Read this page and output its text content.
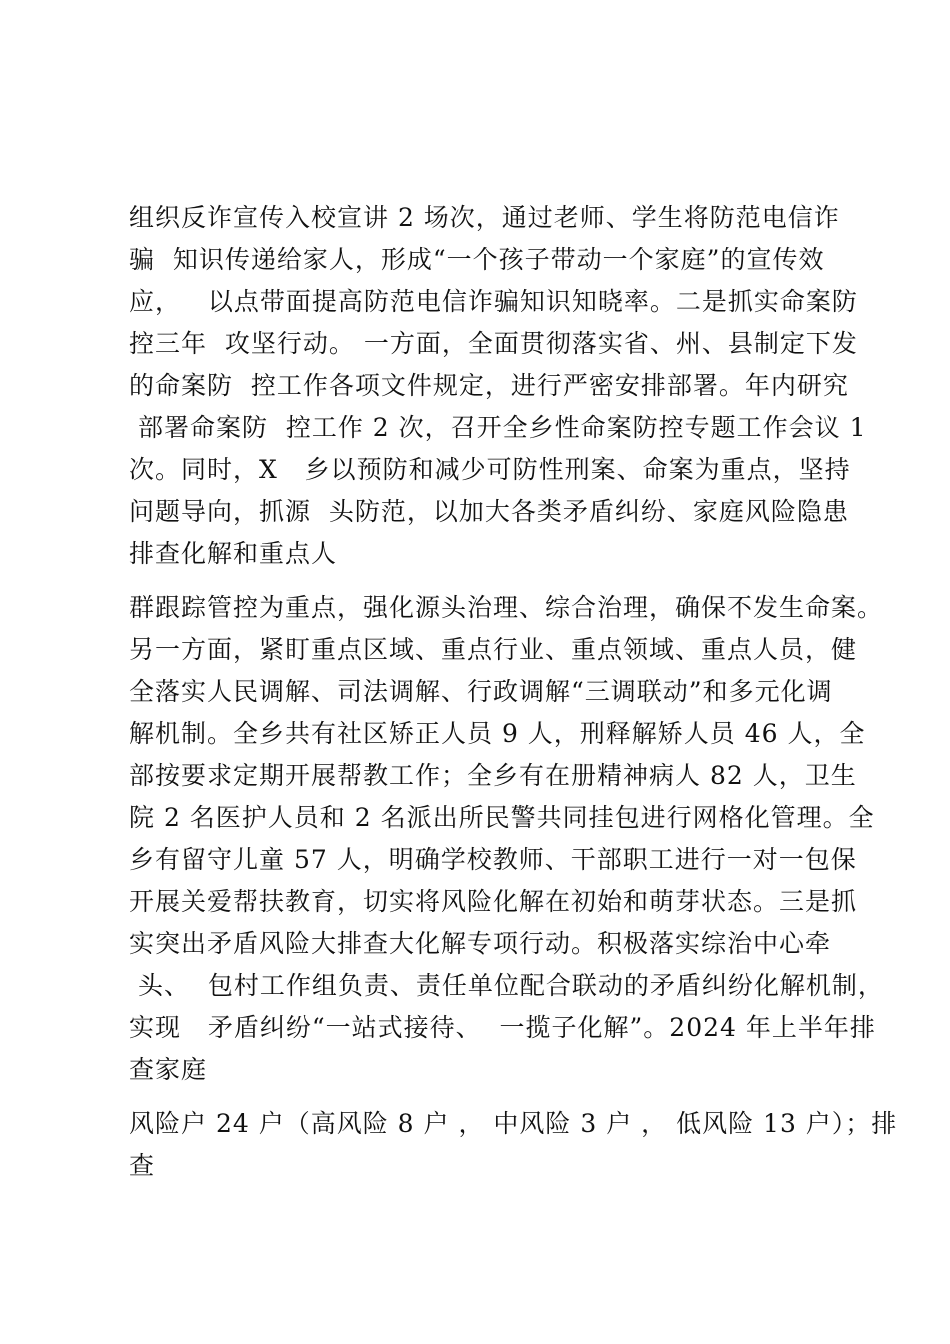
组织反诈宣传入校宣讲 2 场次，通过老师、学生将防范电信诈
骗  知识传递给家人，形成“一个孩子带动一个家庭”的宣传效
应，   以点带面提高防范电信诈骗知识知晓率。二是抓实命案防
控三年  攻坚行动。 一方面，全面贯彻落实省、州、县制定下发
的命案防  控工作各项文件规定，进行严密安排部署。年内研究
部署命案防  控工作 2 次，召开全乡性命案防控专题工作会议 1
次。同时，X   乡以预防和减少可防性刑案、命案为重点，坚持
问题导向，抓源  头防范，以加大各类矛盾纠纷、家庭风险隐患
排查化解和重点人
群跟踪管控为重点，强化源头治理、综合治理，确保不发生命案。
另一方面，紧盯重点区域、重点行业、重点领域、重点人员，健
全落实人民调解、司法调解、行政调解“三调联动”和多元化调
解机制。全乡共有社区矫正人员 9 人，刑释解矫人员 46 人，全
部按要求定期开展帮教工作；全乡有在册精神病人 82 人，卫生
院 2 名医护人员和 2 名派出所民警共同挂包进行网格化管理。全
乡有留守儿童 57 人，明确学校教师、干部职工进行一对一包保
开展关爱帮扶教育，切实将风险化解在初始和萌芽状态。三是抓
实突出矛盾风险大排查大化解专项行动。积极落实综治中心牵
头、  包村工作组负责、责任单位配合联动的矛盾纠纷化解机制，
实现   矛盾纠纷“一站式接待、  一揽子化解”。2024 年上半年排
查家庭
风险户 24 户（高风险 8 户 ， 中风险 3 户 ， 低风险 13 户）；排
查
